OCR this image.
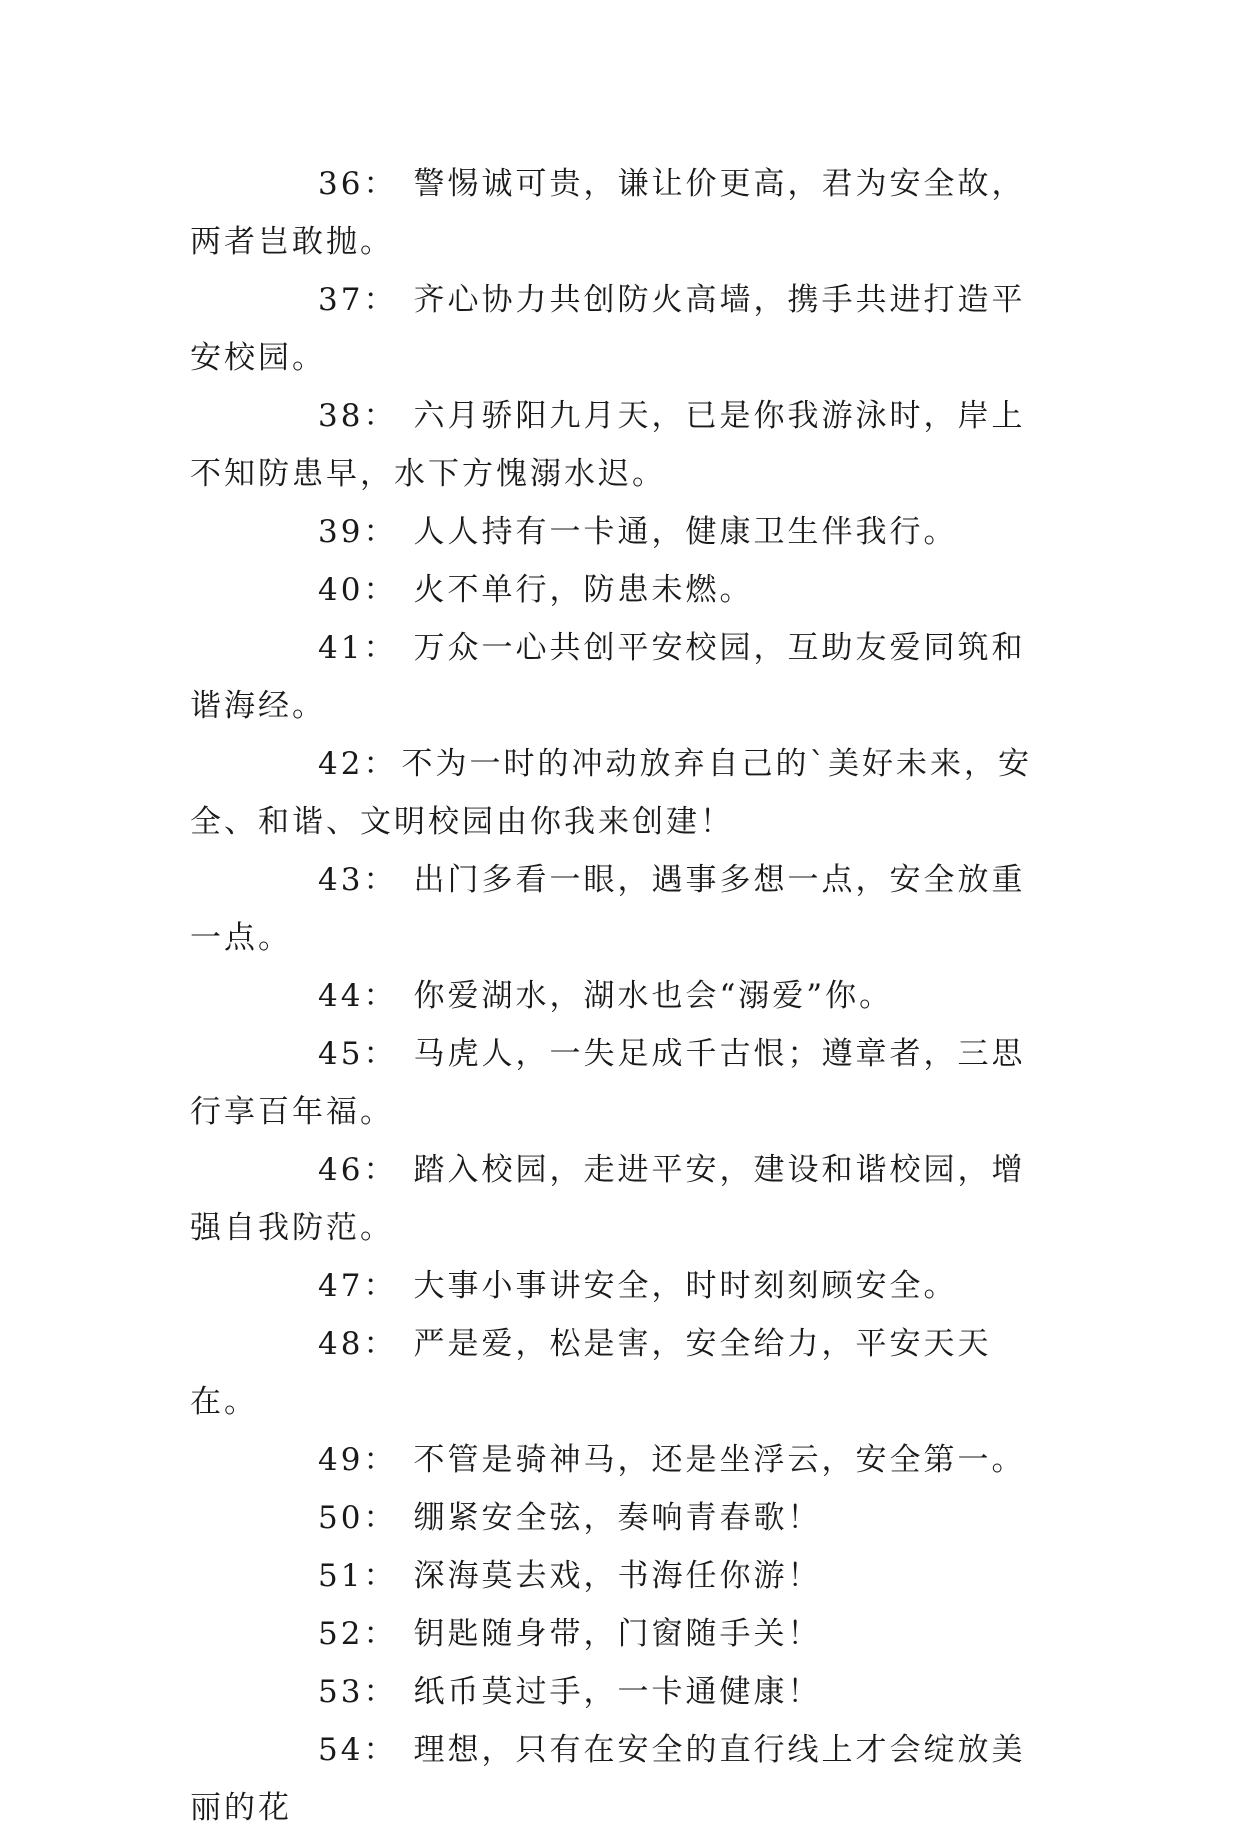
36： 警惕诚可贵，谦让价更高，君为安全故，两者岂敢抛。

37： 齐心协力共创防火高墙，携手共进打造平安校园。

38： 六月骄阳九月天，已是你我游泳时，岸上不知防患早，水下方愧溺水迟。

39： 人人持有一卡通，健康卫生伴我行。

40： 火不单行，防患未燃。

41： 万众一心共创平安校园，互助友爱同筑和谐海经。

42： 不为一时的冲动放弃自己的`美好未来，安全、和谐、文明校园由你我来创建！

43： 出门多看一眼，遇事多想一点，安全放重一点。

44： 你爱湖水，湖水也会“溺爱”你。

45： 马虎人，一失足成千古恨；遵章者，三思行享百年福。

46： 踏入校园，走进平安，建设和谐校园，增强自我防范。

47： 大事小事讲安全，时时刻刻顾安全。

48： 严是爱，松是害，安全给力，平安天天在。

49： 不管是骑神马，还是坐浮云，安全第一。

50： 绷紧安全弦，奏响青春歌！

51： 深海莫去戏，书海任你游！

52： 钥匙随身带，门窗随手关！

53： 纸币莫过手，一卡通健康！

54： 理想，只有在安全的直行线上才会绽放美丽的花
